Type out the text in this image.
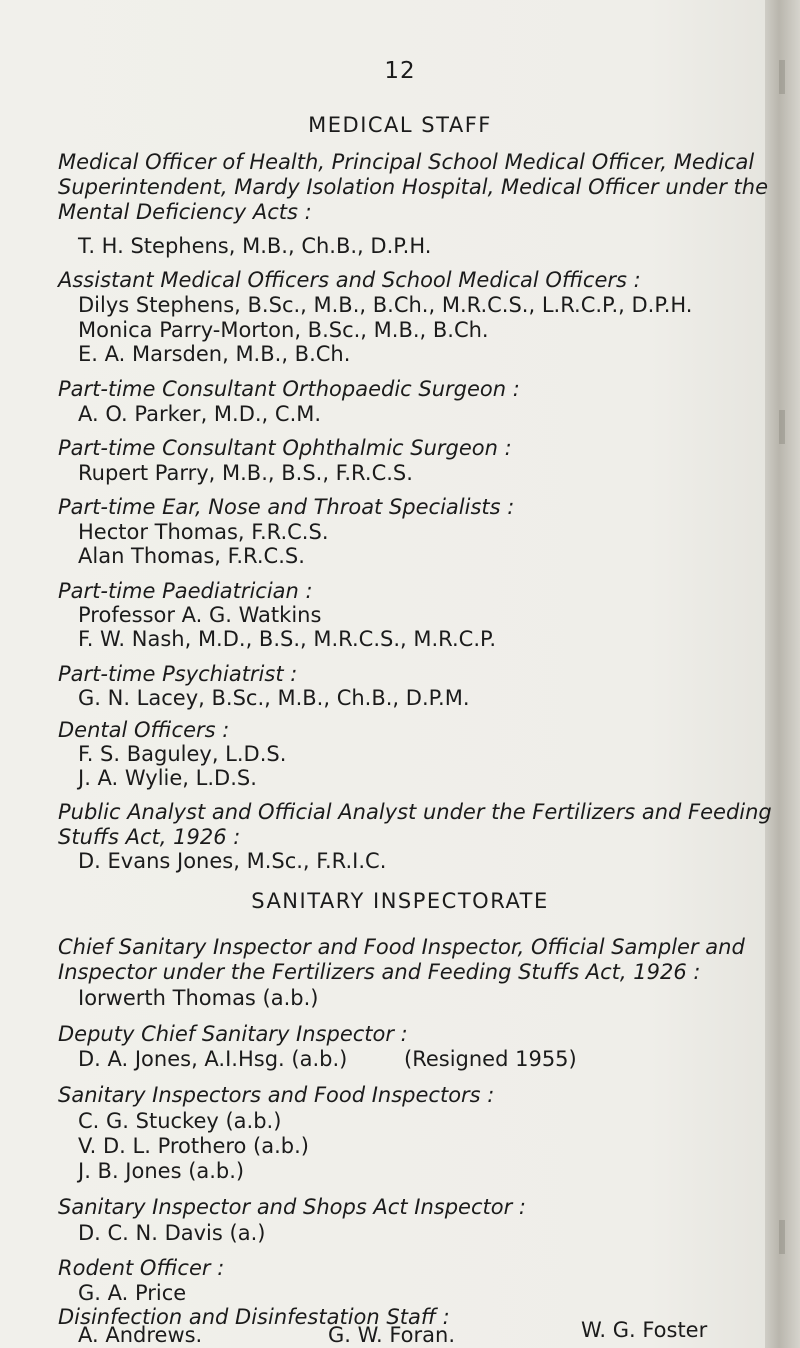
12
MEDICAL STAFF
Medical Officer of Health, Principal School Medical Officer, Medical
Superintendent, Mardy Isolation Hospital, Medical Officer under the
Mental Deficiency Acts :
T. H. Stephens, M.B., Ch.B., D.P.H.
Assistant Medical Officers and School Medical Officers :
Dilys Stephens, B.Sc., M.B., B.Ch., M.R.C.S., L.R.C.P., D.P.H.
Monica Parry-Morton, B.Sc., M.B., B.Ch.
E. A. Marsden, M.B., B.Ch.
Part-time Consultant Orthopaedic Surgeon :
A. O. Parker, M.D., C.M.
Part-time Consultant Ophthalmic Surgeon :
Rupert Parry, M.B., B.S., F.R.C.S.
Part-time Ear, Nose and Throat Specialists :
Hector Thomas, F.R.C.S.
Alan Thomas, F.R.C.S.
Part-time Paediatrician :
Professor A. G. Watkins
F. W. Nash, M.D., B.S., M.R.C.S., M.R.C.P.
Part-time Psychiatrist :
G. N. Lacey, B.Sc., M.B., Ch.B., D.P.M.
Dental Officers :
F. S. Baguley, L.D.S.
J. A. Wylie, L.D.S.
Public Analyst and Official Analyst under the Fertilizers and Feeding
Stuffs Act, 1926 :
D. Evans Jones, M.Sc., F.R.I.C.
SANITARY INSPECTORATE
Chief Sanitary Inspector and Food Inspector, Official Sampler and
Inspector under the Fertilizers and Feeding Stuffs Act, 1926 :
Iorwerth Thomas (a.b.)
Deputy Chief Sanitary Inspector :
D. A. Jones, A.I.Hsg. (a.b.)	(Resigned 1955)
Sanitary Inspectors and Food Inspectors :
C. G. Stuckey (a.b.)
V. D. L. Prothero (a.b.)
J. B. Jones (a.b.)
Sanitary Inspector and Shops Act Inspector :
D. C. N. Davis (a.)
Rodent Officer :
G. A. Price
Disinfection and Disinfestation Staff :
A. Andrews.	G. W. Foran.	W. G. Foster
